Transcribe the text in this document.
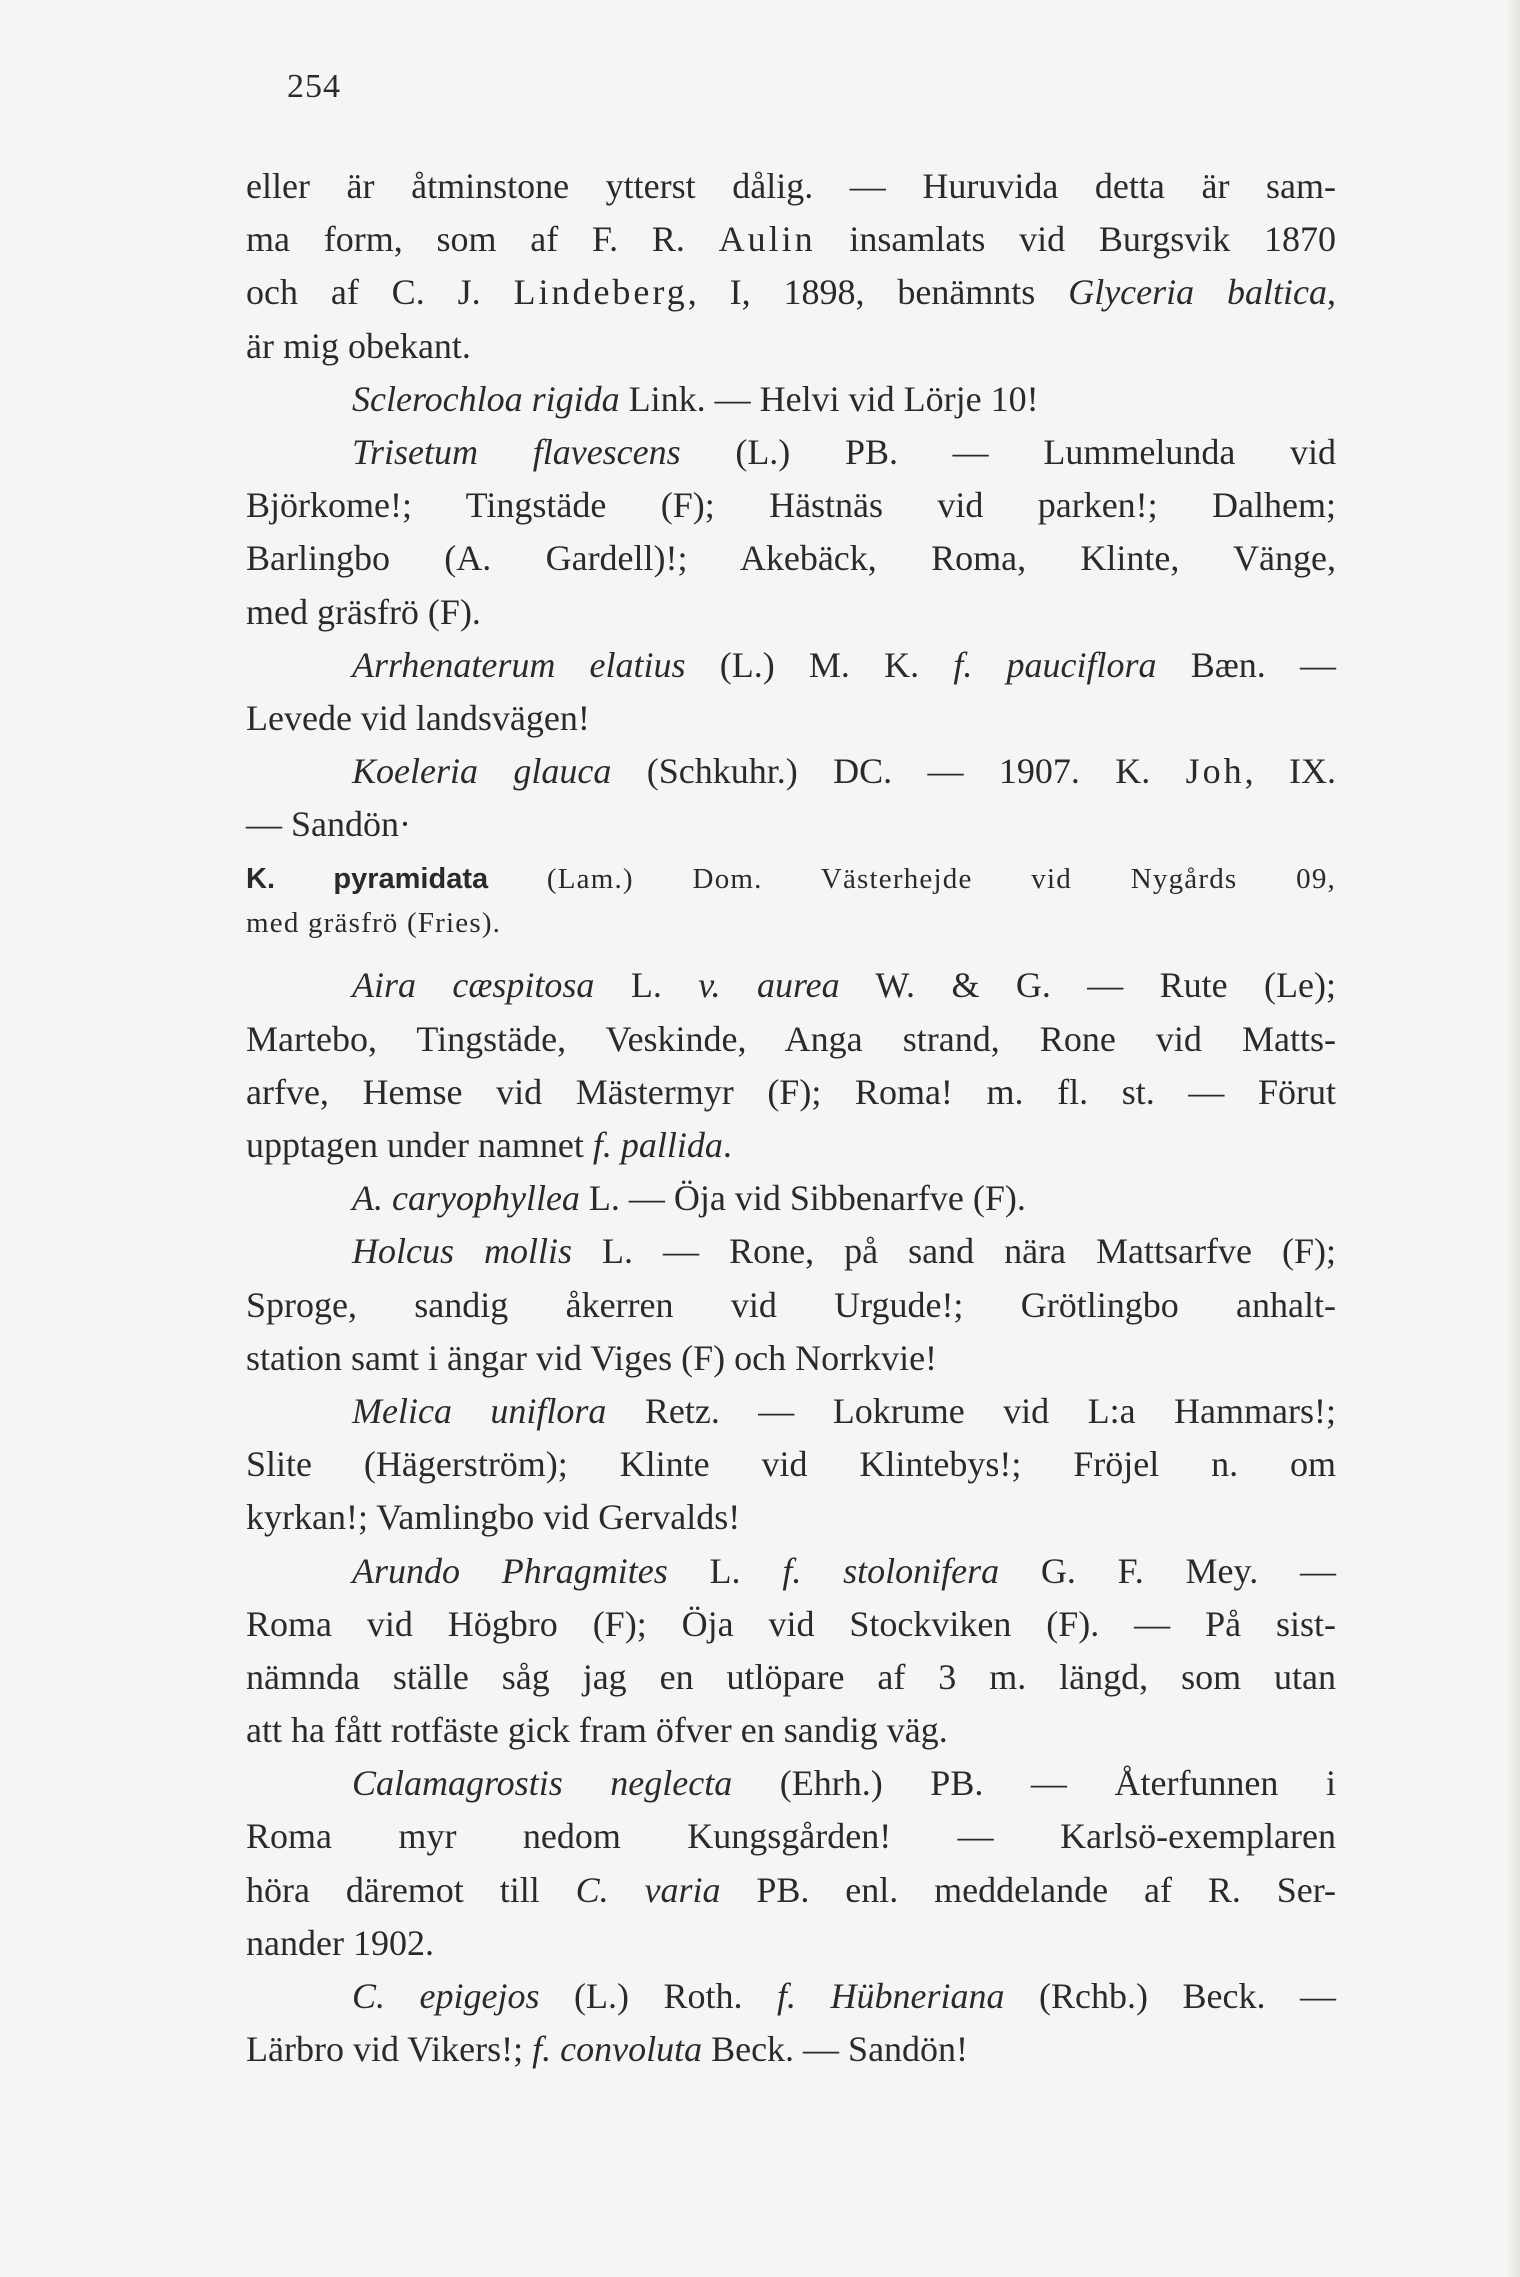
254
eller är åtminstone ytterst dålig. — Huruvida detta är sam-
ma form, som af F. R. Aulin insamlats vid Burgsvik 1870
och af C. J. Lindeberg, I, 1898, benämnts Glyceria baltica,
är mig obekant.
Sclerochloa rigida Link. — Helvi vid Lörje 10!
Trisetum flavescens (L.) PB. — Lummelunda vid
Björkome!; Tingstäde (F); Hästnäs vid parken!; Dalhem;
Barlingbo (A. Gardell)!; Akebäck, Roma, Klinte, Vänge,
med gräsfrö (F).
Arrhenaterum elatius (L.) M. K. f. pauciflora Bæn. —
Levede vid landsvägen!
Koeleria glauca (Schkuhr.) DC. — 1907. K. Joh, IX.
— Sandön·
K. pyramidata (Lam.) Dom. Västerhejde vid Nygårds 09,
med gräsfrö (Fries).
Aira cæspitosa L. v. aurea W. & G. — Rute (Le);
Martebo, Tingstäde, Veskinde, Anga strand, Rone vid Matts-
arfve, Hemse vid Mästermyr (F); Roma! m. fl. st. — Förut
upptagen under namnet f. pallida.
A. caryophyllea L. — Öja vid Sibbenarfve (F).
Holcus mollis L. — Rone, på sand nära Mattsarfve (F);
Sproge, sandig åkerren vid Urgude!; Grötlingbo anhalt-
station samt i ängar vid Viges (F) och Norrkvie!
Melica uniflora Retz. — Lokrume vid L:a Hammars!;
Slite (Hägerström); Klinte vid Klintebys!; Fröjel n. om
kyrkan!; Vamlingbo vid Gervalds!
Arundo Phragmites L. f. stolonifera G. F. Mey. —
Roma vid Högbro (F); Öja vid Stockviken (F). — På sist-
nämnda ställe såg jag en utlöpare af 3 m. längd, som utan
att ha fått rotfäste gick fram öfver en sandig väg.
Calamagrostis neglecta (Ehrh.) PB. — Återfunnen i
Roma myr nedom Kungsgården! — Karlsö-exemplaren
höra däremot till C. varia PB. enl. meddelande af R. Ser-
nander 1902.
C. epigejos (L.) Roth. f. Hübneriana (Rchb.) Beck. —
Lärbro vid Vikers!; f. convoluta Beck. — Sandön!
